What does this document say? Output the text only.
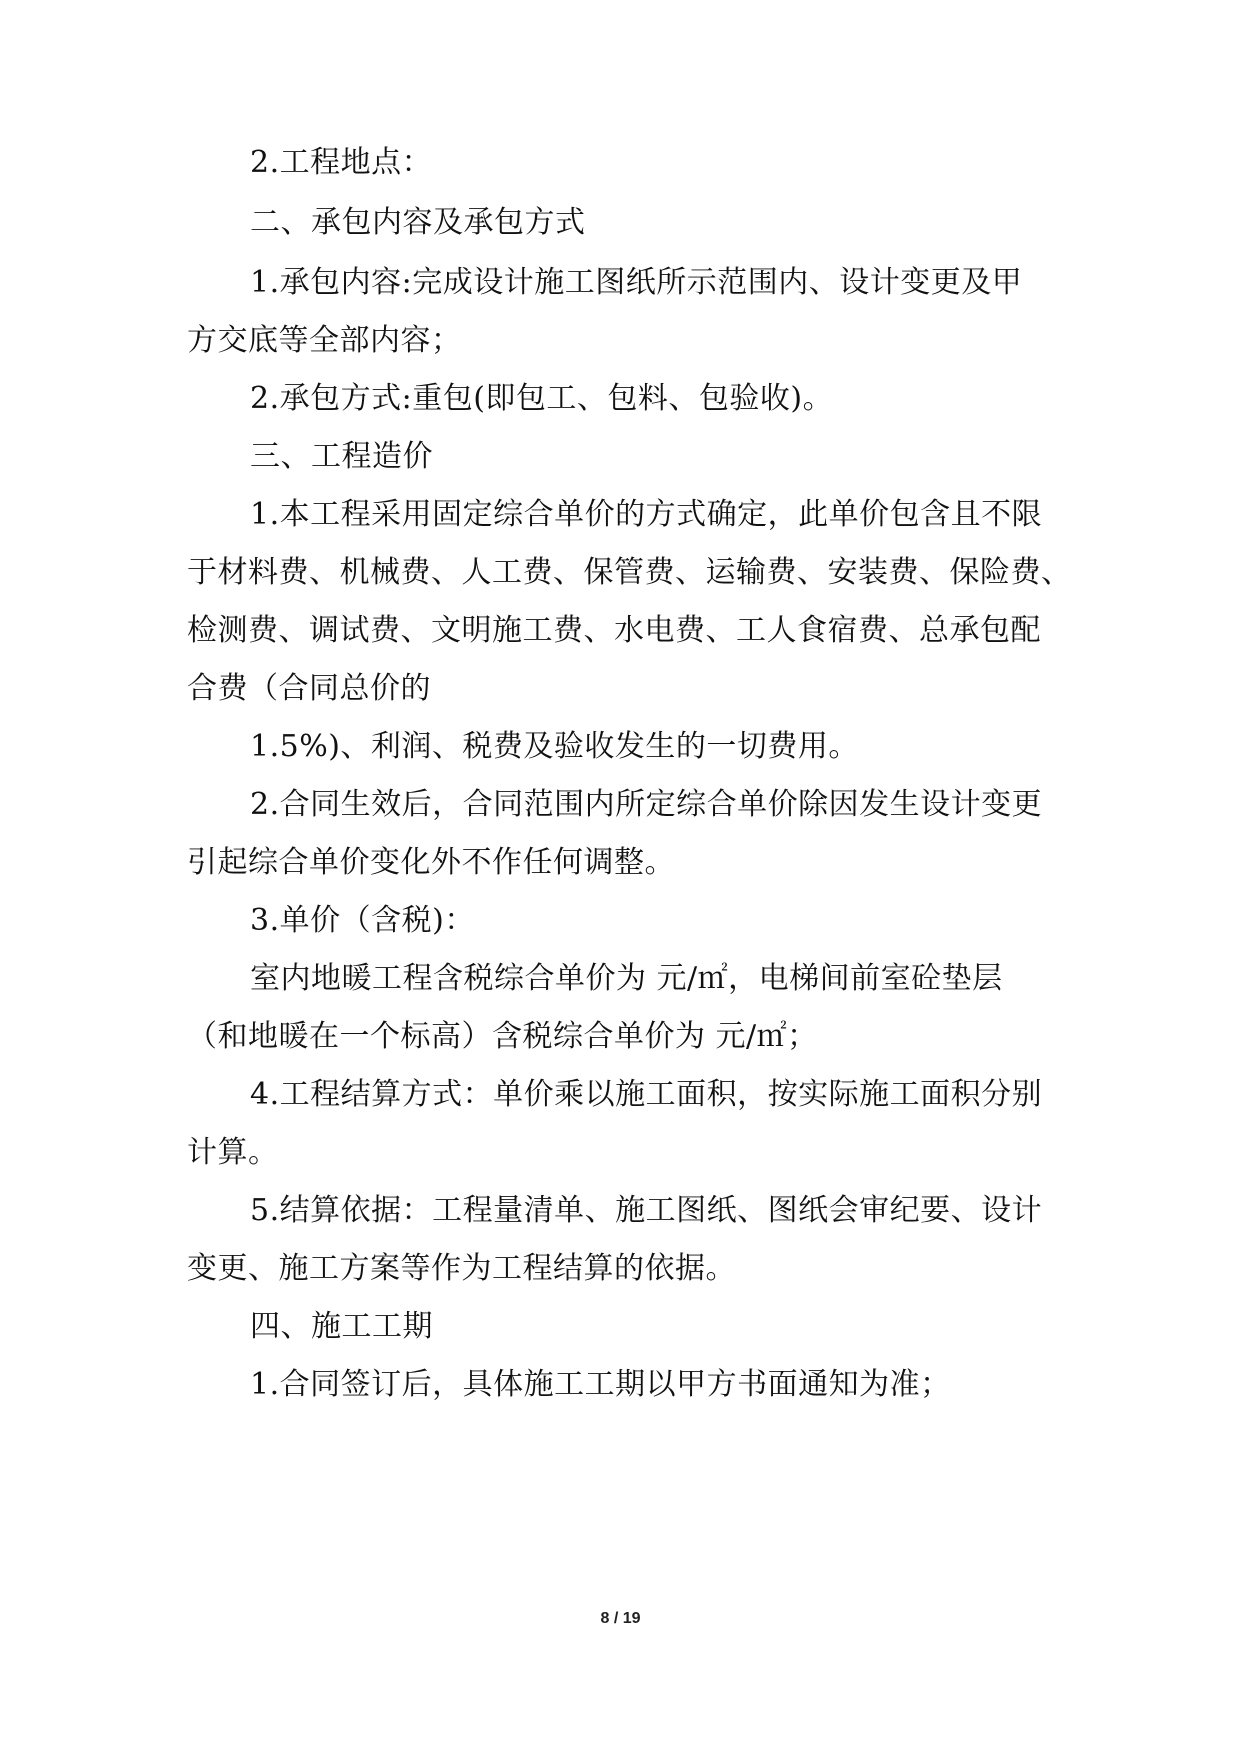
2.工程地点：
二、承包内容及承包方式
1.承包内容:完成设计施工图纸所示范围内、设计变更及甲
方交底等全部内容；
2.承包方式:重包(即包工、包料、包验收)。
三、工程造价
1.本工程采用固定综合单价的方式确定，此单价包含且不限
于材料费、机械费、人工费、保管费、运输费、安装费、保险费、
检测费、调试费、文明施工费、水电费、工人食宿费、总承包配
合费（合同总价的
1.5%)、利润、税费及验收发生的一切费用。
2.合同生效后，合同范围内所定综合单价除因发生设计变更
引起综合单价变化外不作任何调整。
3.单价（含税)：
室内地暖工程含税综合单价为 元/㎡，电梯间前室砼垫层
（和地暖在一个标高）含税综合单价为 元/㎡；
4.工程结算方式：单价乘以施工面积，按实际施工面积分别
计算。
5.结算依据：工程量清单、施工图纸、图纸会审纪要、设计
变更、施工方案等作为工程结算的依据。
四、施工工期
1.合同签订后，具体施工工期以甲方书面通知为准；
8 / 19
